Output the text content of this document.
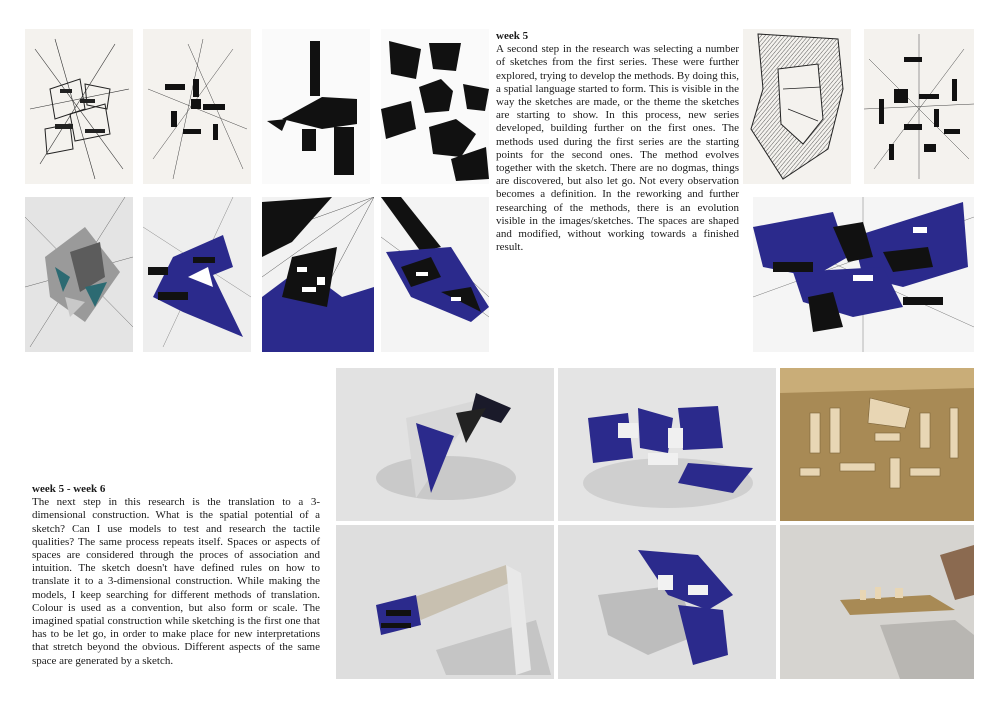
week 5
A second step in the research was selecting a number of sketches from the first series. These were further explored, trying to develop the methods. By doing this, a spatial language started to form. This is visible in the way the sketches are made, or the theme the sketches are starting to show. In this process, new series developed, building further on the first ones. The methods used during the first series are the starting points for the second ones. The method evolves together with the sketch. There are no dogmas, things are discovered, but also let go. Not every observation becomes a definition. In the reworking and further researching of the methods, there is an evolution visible in the images/sketches. The spaces are shaped and modified, without working towards a finished result.
week 5 - week 6
The next step in this research is the translation to a 3-dimensional construction. What is the spatial potential of a sketch? Can I use models to test and research the tactile qualities? The same process repeats itself. Spaces or aspects of spaces are considered through the proces of association and intuition. The sketch doesn't have defined rules on how to translate it to a 3-dimensional construction. While making the models, I keep searching for different methods of translation. Colour is used as a convention, but also form or scale. The imagined spatial construction while sketching is the first one that has to be let go, in order to make place for new interpretations that stretch beyond the obvious. Different aspects of the same space are generated by a sketch.
